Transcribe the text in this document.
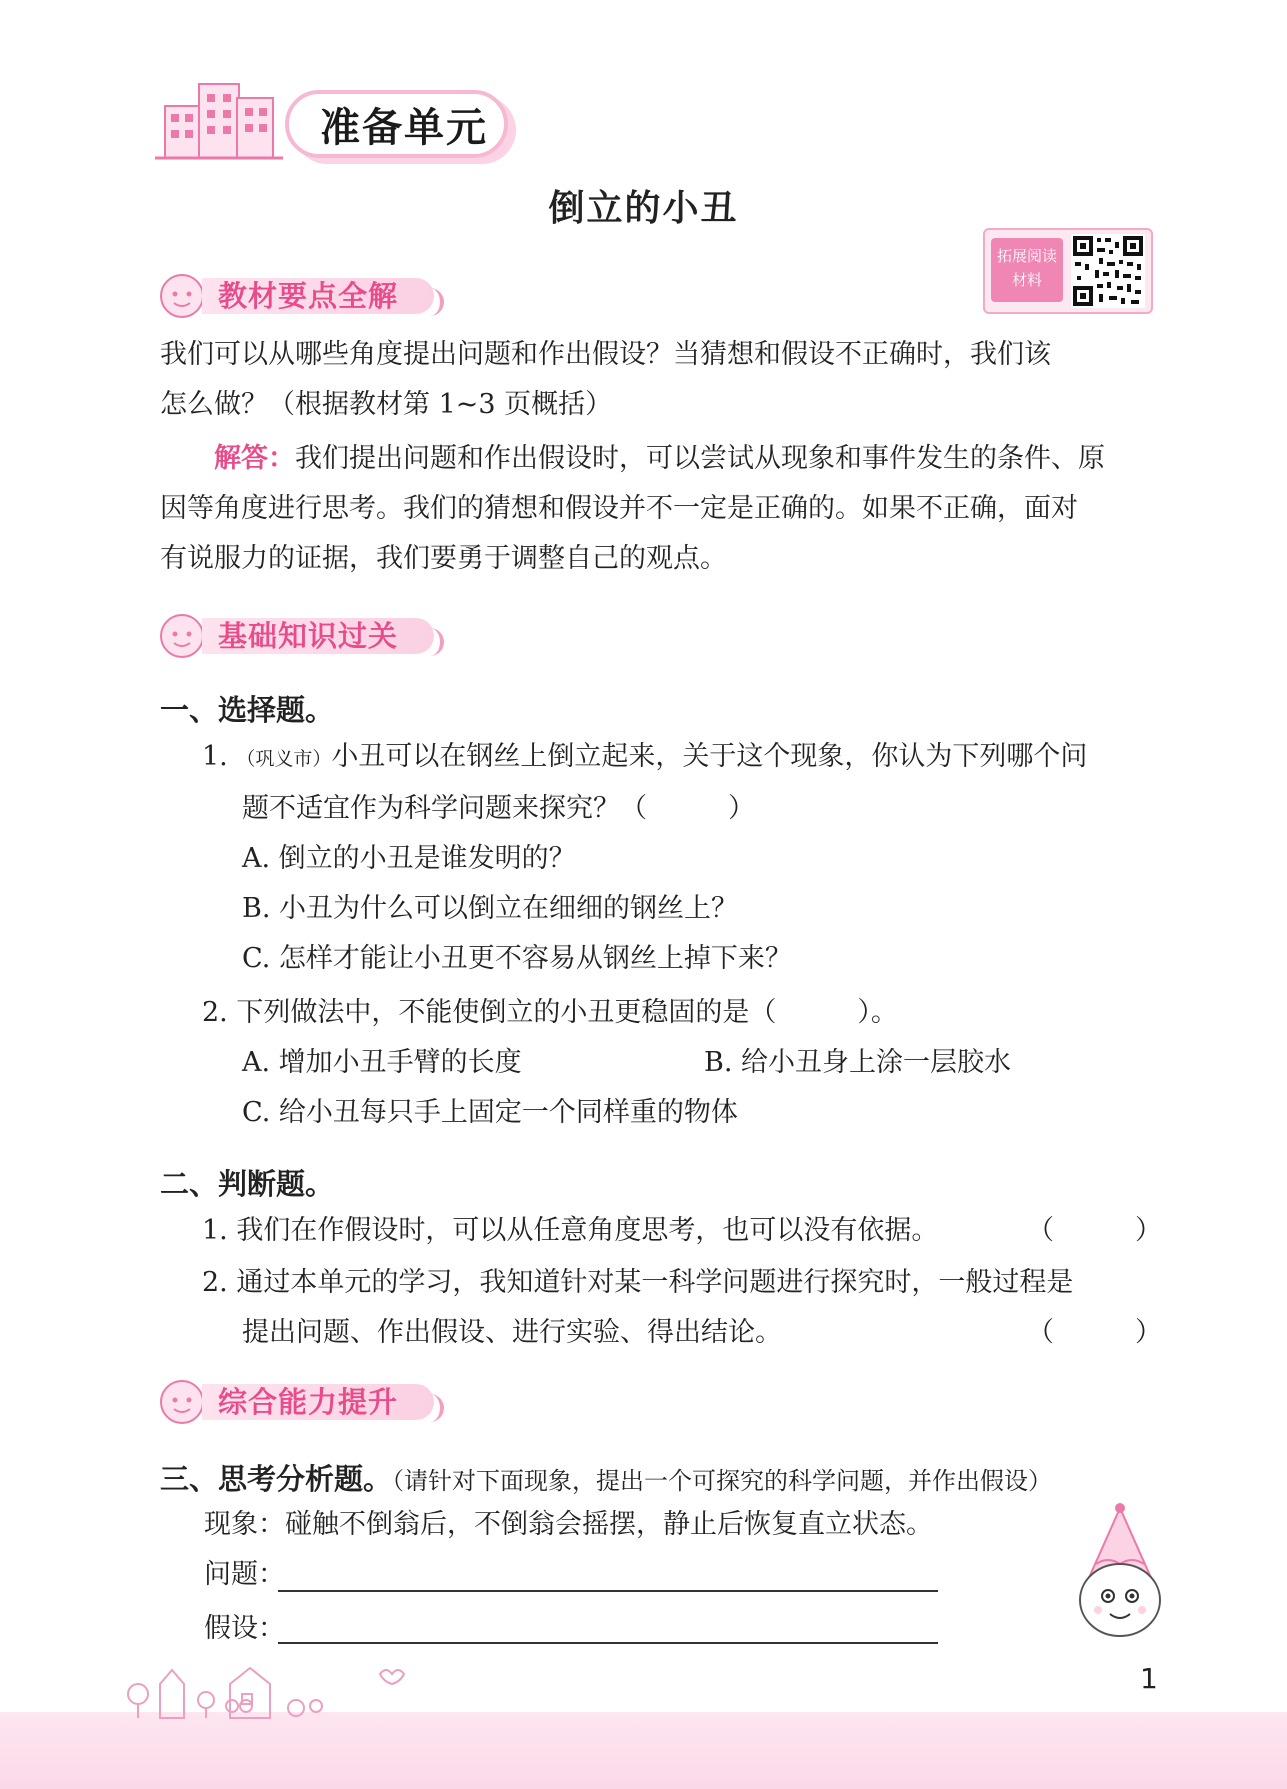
准备单元
倒立的小丑
拓展阅读
材料
教材要点全解
我们可以从哪些角度提出问题和作出假设？当猜想和假设不正确时，我们该
怎么做？（根据教材第 1~3 页概括）
解答：我们提出问题和作出假设时，可以尝试从现象和事件发生的条件、原
因等角度进行思考。我们的猜想和假设并不一定是正确的。如果不正确，面对
有说服力的证据，我们要勇于调整自己的观点。
基础知识过关
一、选择题。
1. （巩义市）小丑可以在钢丝上倒立起来，关于这个现象，你认为下列哪个问
题不适宜作为科学问题来探究？（　　　）
A. 倒立的小丑是谁发明的？
B. 小丑为什么可以倒立在细细的钢丝上？
C. 怎样才能让小丑更不容易从钢丝上掉下来？
2. 下列做法中，不能使倒立的小丑更稳固的是（　　　）。
A. 增加小丑手臂的长度	B. 给小丑身上涂一层胶水
C. 给小丑每只手上固定一个同样重的物体
二、判断题。
1. 我们在作假设时，可以从任意角度思考，也可以没有依据。	（　　　）
2. 通过本单元的学习，我知道针对某一科学问题进行探究时，一般过程是
提出问题、作出假设、进行实验、得出结论。	（　　　）
综合能力提升
三、思考分析题。（请针对下面现象，提出一个可探究的科学问题，并作出假设）
现象：碰触不倒翁后，不倒翁会摇摆，静止后恢复直立状态。
问题：
假设：
1
